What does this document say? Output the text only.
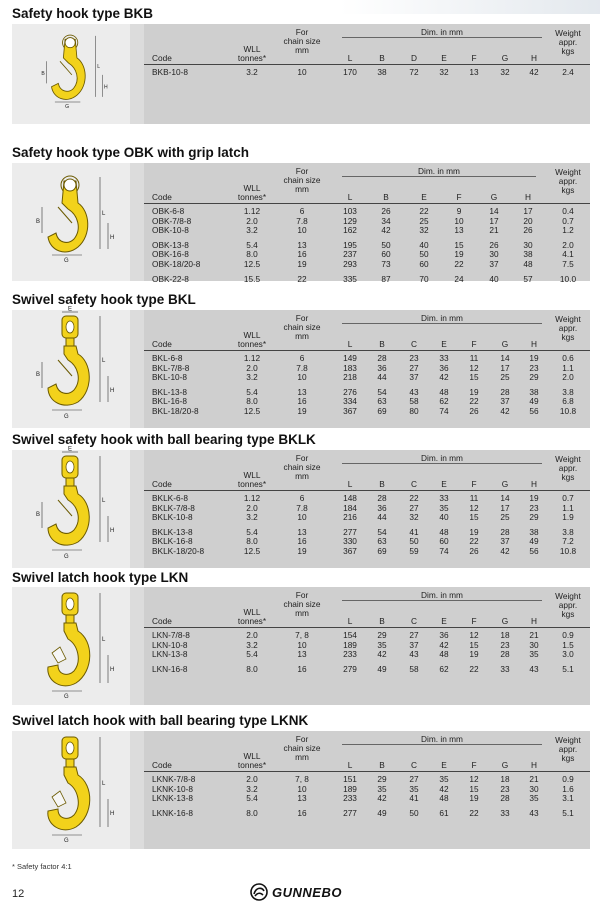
Safety hook type BKB
L
H
G
B
Code
WLL
tonnes*
For
chain size
mm
Dim. in mm
L	B	D	E	F	G	H
Weight
appr.
kgs
BKB-10-8	3.2	10	170	38	72	32	13	32	42	2.4
Safety hook type OBK with grip latch
L
H
G
B
Code
WLL
tonnes*
For
chain size
mm
Dim. in mm
L	B	E	F	G	H
Weight
appr.
kgs
OBK-6-8	1.12	6	103	26	22	9	14	17	0.4
OBK-7/8-8	2.0	7.8	129	34	25	10	17	20	0.7
OBK-10-8	3.2	10	162	42	32	13	21	26	1.2
OBK-13-8	5.4	13	195	50	40	15	26	30	2.0
OBK-16-8	8.0	16	237	60	50	19	30	38	4.1
OBK-18/20-8	12.5	19	293	73	60	22	37	48	7.5
OBK-22-8	15.5	22	335	87	70	24	40	57	10.0
Swivel safety hook type BKL
L
H
G
B
E
Code
WLL
tonnes*
For
chain size
mm
Dim. in mm
L	B	C	E	F	G	H
Weight
appr.
kgs
BKL-6-8	1.12	6	149	28	23	33	11	14	19	0.6
BKL-7/8-8	2.0	7.8	183	36	27	36	12	17	23	1.1
BKL-10-8	3.2	10	218	44	37	42	15	25	29	2.0
BKL-13-8	5.4	13	276	54	43	48	19	28	38	3.8
BKL-16-8	8.0	16	334	63	58	62	22	37	49	6.8
BKL-18/20-8	12.5	19	367	69	80	74	26	42	56	10.8
Swivel safety hook with ball bearing type BKLK
L
H
G
B
E
Code
WLL
tonnes*
For
chain size
mm
Dim. in mm
L	B	C	E	F	G	H
Weight
appr.
kgs
BKLK-6-8	1.12	6	148	28	22	33	11	14	19	0.7
BKLK-7/8-8	2.0	7.8	184	36	27	35	12	17	23	1.1
BKLK-10-8	3.2	10	216	44	32	40	15	25	29	1.9
BKLK-13-8	5.4	13	277	54	41	48	19	28	38	3.8
BKLK-16-8	8.0	16	330	63	50	60	22	37	49	7.2
BKLK-18/20-8	12.5	19	367	69	59	74	26	42	56	10.8
Swivel latch hook type LKN
L
H
G
Code
WLL
tonnes*
For
chain size
mm
Dim. in mm
L	B	C	E	F	G	H
Weight
appr.
kgs
LKN-7/8-8	2.0	7, 8	154	29	27	36	12	18	21	0.9
LKN-10-8	3.2	10	189	35	37	42	15	23	30	1.5
LKN-13-8	5.4	13	233	42	43	48	19	28	35	3.0
LKN-16-8	8.0	16	279	49	58	62	22	33	43	5.1
Swivel latch hook with ball bearing type LKNK
L
H
G
Code
WLL
tonnes*
For
chain size
mm
Dim. in mm
L	B	C	E	F	G	H
Weight
appr.
kgs
LKNK-7/8-8	2.0	7, 8	151	29	27	35	12	18	21	0.9
LKNK-10-8	3.2	10	189	35	35	42	15	23	30	1.6
LKNK-13-8	5.4	13	233	42	41	48	19	28	35	3.1
LKNK-16-8	8.0	16	277	49	50	61	22	33	43	5.1
* Safety factor 4:1
12	GUNNEBO
